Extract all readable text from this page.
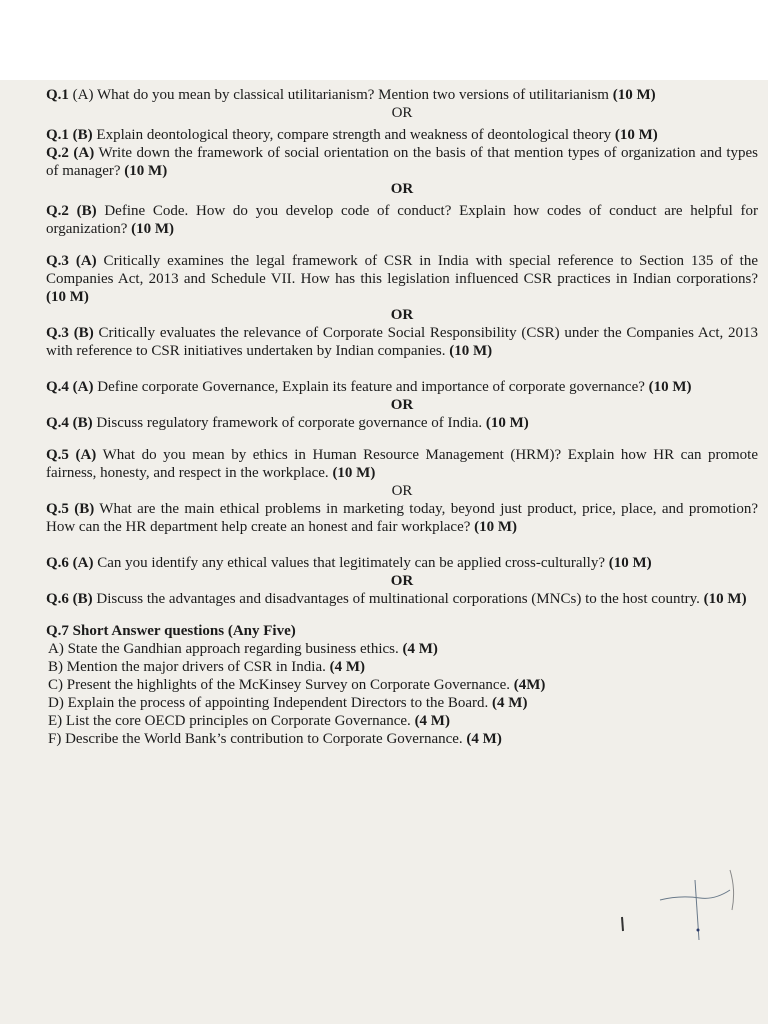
Q.1 (A) What do you mean by classical utilitarianism? Mention two versions of utilitarianism (10 M)

OR

Q.1 (B) Explain deontological theory, compare strength and weakness of deontological theory (10 M)

Q.2 (A) Write down the framework of social orientation on the basis of that mention types of organization and types of manager? (10 M)

OR

Q.2 (B) Define Code. How do you develop code of conduct? Explain how codes of conduct are helpful for organization? (10 M)

Q.3 (A) Critically examines the legal framework of CSR in India with special reference to Section 135 of the Companies Act, 2013 and Schedule VII. How has this legislation influenced CSR practices in Indian corporations? (10 M)

OR

Q.3 (B) Critically evaluates the relevance of Corporate Social Responsibility (CSR) under the Companies Act, 2013 with reference to CSR initiatives undertaken by Indian companies. (10 M)

Q.4 (A) Define corporate Governance, Explain its feature and importance of corporate governance? (10 M)

OR

Q.4 (B) Discuss regulatory framework of corporate governance of India. (10 M)

Q.5 (A) What do you mean by ethics in Human Resource Management (HRM)? Explain how HR can promote fairness, honesty, and respect in the workplace. (10 M)

OR

Q.5 (B) What are the main ethical problems in marketing today, beyond just product, price, place, and promotion? How can the HR department help create an honest and fair workplace? (10 M)

Q.6 (A) Can you identify any ethical values that legitimately can be applied cross-culturally? (10 M)

OR

Q.6 (B) Discuss the advantages and disadvantages of multinational corporations (MNCs) to the host country. (10 M)

Q.7 Short Answer questions (Any Five)

A) State the Gandhian approach regarding business ethics. (4 M)

B) Mention the major drivers of CSR in India. (4 M)

C) Present the highlights of the McKinsey Survey on Corporate Governance. (4M)

D) Explain the process of appointing Independent Directors to the Board. (4 M)

E) List the core OECD principles on Corporate Governance. (4 M)

F) Describe the World Bank’s contribution to Corporate Governance. (4 M)
